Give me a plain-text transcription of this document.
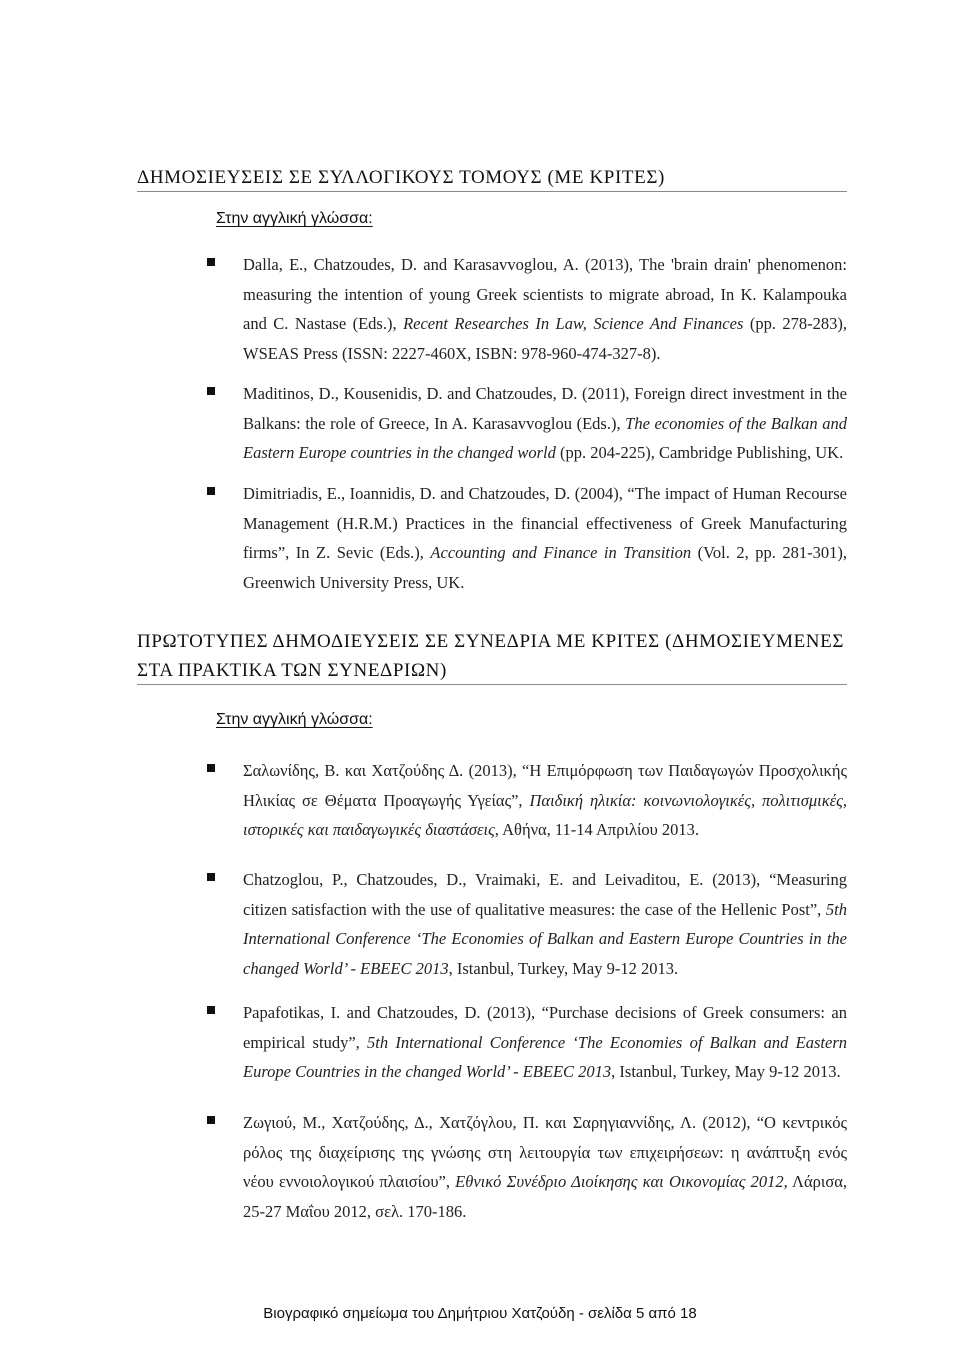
ΔΗΜΟΣΙΕΥΣΕΙΣ ΣΕ ΣΥΛΛΟΓΙΚΟΥΣ ΤΟΜΟΥΣ (ΜΕ ΚΡΙΤΕΣ)
Στην αγγλική γλώσσα:
Dalla, E., Chatzoudes, D. and Karasavvoglou, A. (2013), The 'brain drain' phenomenon: measuring the intention of young Greek scientists to migrate abroad, In K. Kalampouka and C. Nastase (Eds.), Recent Researches In Law, Science And Finances (pp. 278-283), WSEAS Press (ISSN: 2227-460X, ISBN: 978-960-474-327-8).
Maditinos, D., Kousenidis, D. and Chatzoudes, D. (2011), Foreign direct investment in the Balkans: the role of Greece, In A. Karasavvoglou (Eds.), The economies of the Balkan and Eastern Europe countries in the changed world (pp. 204-225), Cambridge Publishing, UK.
Dimitriadis, E., Ioannidis, D. and Chatzoudes, D. (2004), “The impact of Human Recourse Management (H.R.M.) Practices in the financial effectiveness of Greek Manufacturing firms”, In Z. Sevic (Eds.), Accounting and Finance in Transition (Vol. 2, pp. 281-301), Greenwich University Press, UK.
ΠΡΩΤΟΤΥΠΕΣ ΔΗΜΟΔΙΕΥΣΕΙΣ ΣΕ ΣΥΝΕΔΡΙΑ ΜΕ ΚΡΙΤΕΣ (ΔΗΜΟΣΙΕΥΜΕΝΕΣ ΣΤΑ ΠΡΑΚΤΙΚΑ ΤΩΝ ΣΥΝΕΔΡΙΩΝ)
Στην αγγλική γλώσσα:
Σαλωνίδης, Β. και Χατζούδης Δ. (2013), “Η Επιμόρφωση των Παιδαγωγών Προσχολικής Ηλικίας σε Θέματα Προαγωγής Υγείας”, Παιδική ηλικία: κοινωνιολογικές, πολιτισμικές, ιστορικές και παιδαγωγικές διαστάσεις, Αθήνα, 11-14 Απριλίου 2013.
Chatzoglou, P., Chatzoudes, D., Vraimaki, E. and Leivaditou, E. (2013), “Measuring citizen satisfaction with the use of qualitative measures: the case of the Hellenic Post”, 5th International Conference ‘The Economies of Balkan and Eastern Europe Countries in the changed World’ - EBEEC 2013, Istanbul, Turkey, May 9-12 2013.
Papafotikas, I. and Chatzoudes, D. (2013), “Purchase decisions of Greek consumers: an empirical study”, 5th International Conference ‘The Economies of Balkan and Eastern Europe Countries in the changed World’ - EBEEC 2013, Istanbul, Turkey, May 9-12 2013.
Ζωγιού, Μ., Χατζούδης, Δ., Χατζόγλου, Π. και Σαρηγιαννίδης, Λ. (2012), “Ο κεντρικός ρόλος της διαχείρισης της γνώσης στη λειτουργία των επιχειρήσεων: η ανάπτυξη ενός νέου εννοιολογικού πλαισίου”, Εθνικό Συνέδριο Διοίκησης και Οικονομίας 2012, Λάρισα, 25-27 Μαΐου 2012, σελ. 170-186.
Βιογραφικό σημείωμα του Δημήτριου Χατζούδη - σελίδα 5 από 18
